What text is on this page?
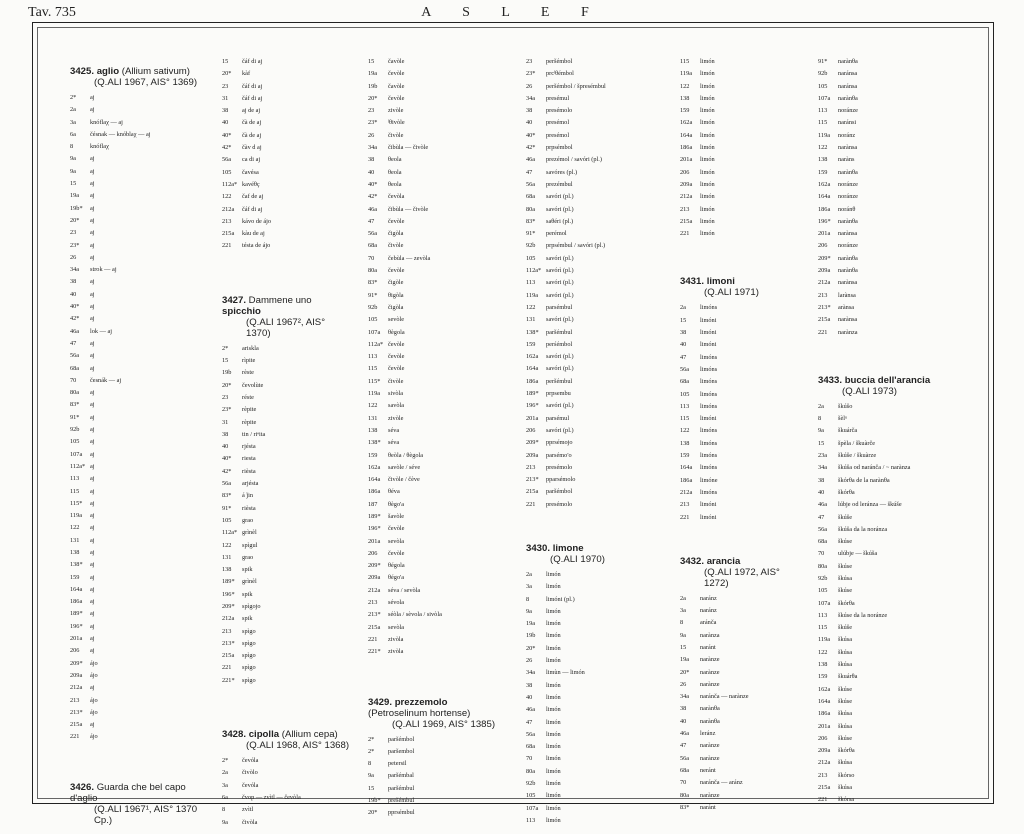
Tav. 735	A S L E F
3425. aglio (Allium sativum)
(Q.ALI 1967, AIS° 1369)
2* aj
2a aj
3a knóflaχ — aj
6a čésnak — knóblaχ — aj
8	knóflaχ
9a aj
9a aj
15 aj
19a aj
19b* aj
20* aj
23 aj
23* aj
26 aj
34a strok — aj
38 aj
40 aj
40* aj
42* aj
46a lok — aj
47 aj
56a aj
68a aj
70 česnák — aj
80a aj
83* aj
91* aj
92b aj
105 aj
107a aj
112a* aj
113 aj
115 aj
115* aj
119a aj
122 aj
131 aj
138 aj
138* aj
159 aj
164a aj
186a aj
189* aj
196* aj
201a aj
206 aj
209* ájo
209a ájo
212a aj
213 ájo
213* ájo
215a aj
221 ájo
3426. Guarda che bel capo d'aglio
(Q.ALI 1967¹, AIS° 1370 Cp.)
15 čáf di aj
20* kàf
23 čáf di aj
31 čáf di aj
38 aj de aj
40 čà de aj
40* čà de aj
42* čàv d aj
56a ca di aj
105 čavésa
112a* kavéθç
122 čaf de aj
212a čáf di aj
213 kávo de ájo
215a kàu de aj
221 tésta de ájo
3427. Dammene uno spicchio
(Q.ALI 1967², AIS° 1370)
2* ariskla
15 rìpite
19b rèste
20* čevolùte
23 réste
23* rèpite
31 rèpite
38 tin / riᵉita
40 rjésta
40* riesta
42* rièsta
56a arjésta
83* á ǰin
91* rièsta
105 grao
112a* grìnèl
122 spìgul
131 grao
138 spik
189* grìnèl
196* spik
209* spìgojo
212a spik
213 spìgo
213* spìgo
215a spìgo
221 spìgo
221* spìgo
3428. cipolla (Allium cepa)
(Q.ALI 1968, AIS° 1368)
2* čevóla
2a čivòlo
3a čevóla
6a čvop — zvìtl — čevòla
8	zvìtl
9a čivòla
15 čavòle
19a čevòle
19b čavòle
20* čevòle
23 zivòle
23* ˡθivòle
26 čivòle
34a čibùla — čivòle
38 θeola
40 θeola
40* θeola
42* čevòla
46a čibùla — čivòle
47 čevòle
56a čigòla
68a čivòle
70 čebùla — zevòla
80a čevòle
83* čigòle
91* θigòla
92b čigòla
105 sevòle
107a θègola
112a* čevòle
113 čevòle
115 čevòle
115* čivòle
119a sivòla
122 savòla
131 zivòle
138 séva
138* séva
159 θeòla / θègola
162a savòle / séve
164a čivòle / čève
186a θéva
187 θègo'a
189* šavòle
196* čevòle
201a sevòla
206 čevòle
209* θégola
209a θégo'a
212a séva / sevòla
213 sévola
213* séòla / sèvola / sivòla
215a sevòla
221 zivòla
221* zivòla
3429. prezzemolo (Petroselinum hortense)
(Q.ALI 1969, AIS° 1385)
2* paršémbol
2* paršembol
8	petersil
9a paršémbal
15 paršémbul
19b* prešémbul
20* pprsémbul
23 peršémbol
23* prcˡθémbol
26 peršémbol / špresémbul
34a presémul
38 presémolo
40 presémol
40* presémol
42* prpsémbol
46a prezémol / savóri (pl.)
47 savóres (pl.)
56a prezémbul
68a savóri (pl.)
80a savóri (pl.)
83* saθéri (pl.)
91* perémol
92b prpsémbul / savóri (pl.)
105 savóri (pl.)
112a* savórì (pl.)
113 savóri (pl.)
119a savóri (pl.)
122 parsémbul
131 savóri (pl.)
138* paršémbul
159 perśémbol
162a savóri (pl.)
164a savóri (pl.)
186a peršémbul
189* prpsembu
196* savóri (pl.)
201a parsémul
206 savóri (pl.)
209* pprsémojo
209a parsémo'o
213 presémolo
213* pparsémolo
215a paršémbol
221 presémolo
3430. limone
(Q.ALI 1970)
2a limón
3a limón
8	limóni (pl.)
9a limón
19a limón
19b limón
20* limón
26 limón
34a limùn — limón
38 limón
40 limón
46a limón
47 limón
56a limón
68a limón
70 limón
80a limón
92b limón
105 limón
107a limón
113 limón
115 limón
119a limón
122 limón
138 limón
159 limón
162a limón
164a limón
186a limón
201a limón
206 limón
209a limón
212a limón
213 limón
215a limón
221 limón
3431. limoni
(Q.ALI 1971)
2a limóns
15 limóni
38 limóni
40 limóni
47 limóns
56a limóns
68a limóns
105 limóns
113 limóns
115 limóni
122 limóns
138 limóns
159 limóns
164a limóns
186a limóne
212a limóns
213 limóni
221 limóni
3432. arancia
(Q.ALI 1972, AIS° 1272)
2a naránz
3a naránz
8	aránča
9a narànza
15 naránt
19a narànze
20* narànze
26 narànze
34a naránča — narànze
38 narànθa
40 narànθa
46a leránz
47 narànze
56a narànze
68a neránt
70 naránča — aránz
80a narànze
83* naránt
91* narànθa
92b naránsa
105 naránsa
107a narànθa
113 noránze
115 naránsi
119a noránz
122 narànsa
138 naràns
159 narànθa
162a noránze
164a noránze
186a noránθ
196* narànθa
201a narànsa
206 noránze
209* narànθa
209a narànθa
212a narànsa
213 larànsa
213* arànsa
215a narànsa
221 narànza
3433. buccia dell'arancia
(Q.ALI 1973)
2a škúšo
8	šèlᵘ
9a škuárča
15 špèla / škuàrče
23a škúše / škuàrze
34a škúša od naránča / ~ narànza
38 škórθa de la narànθa
40 škórθa
46a lúbje od leránza — škúše
47 škúše
56a škúša da la noránza
68a škúse
70 ulúbje — škúša
80a škúse
92b škúsa
105 škúse
107a škórθa
113 škúse da la noránze
115 škúše
119a škúsa
122 škúsa
138 škúsa
159 škuárθa
162a škúse
164a škúse
186a škúsa
201a škúsa
206 škúse
209a škórθa
212a škúsa
213 škórso
215a škúsa
221 škórsa
